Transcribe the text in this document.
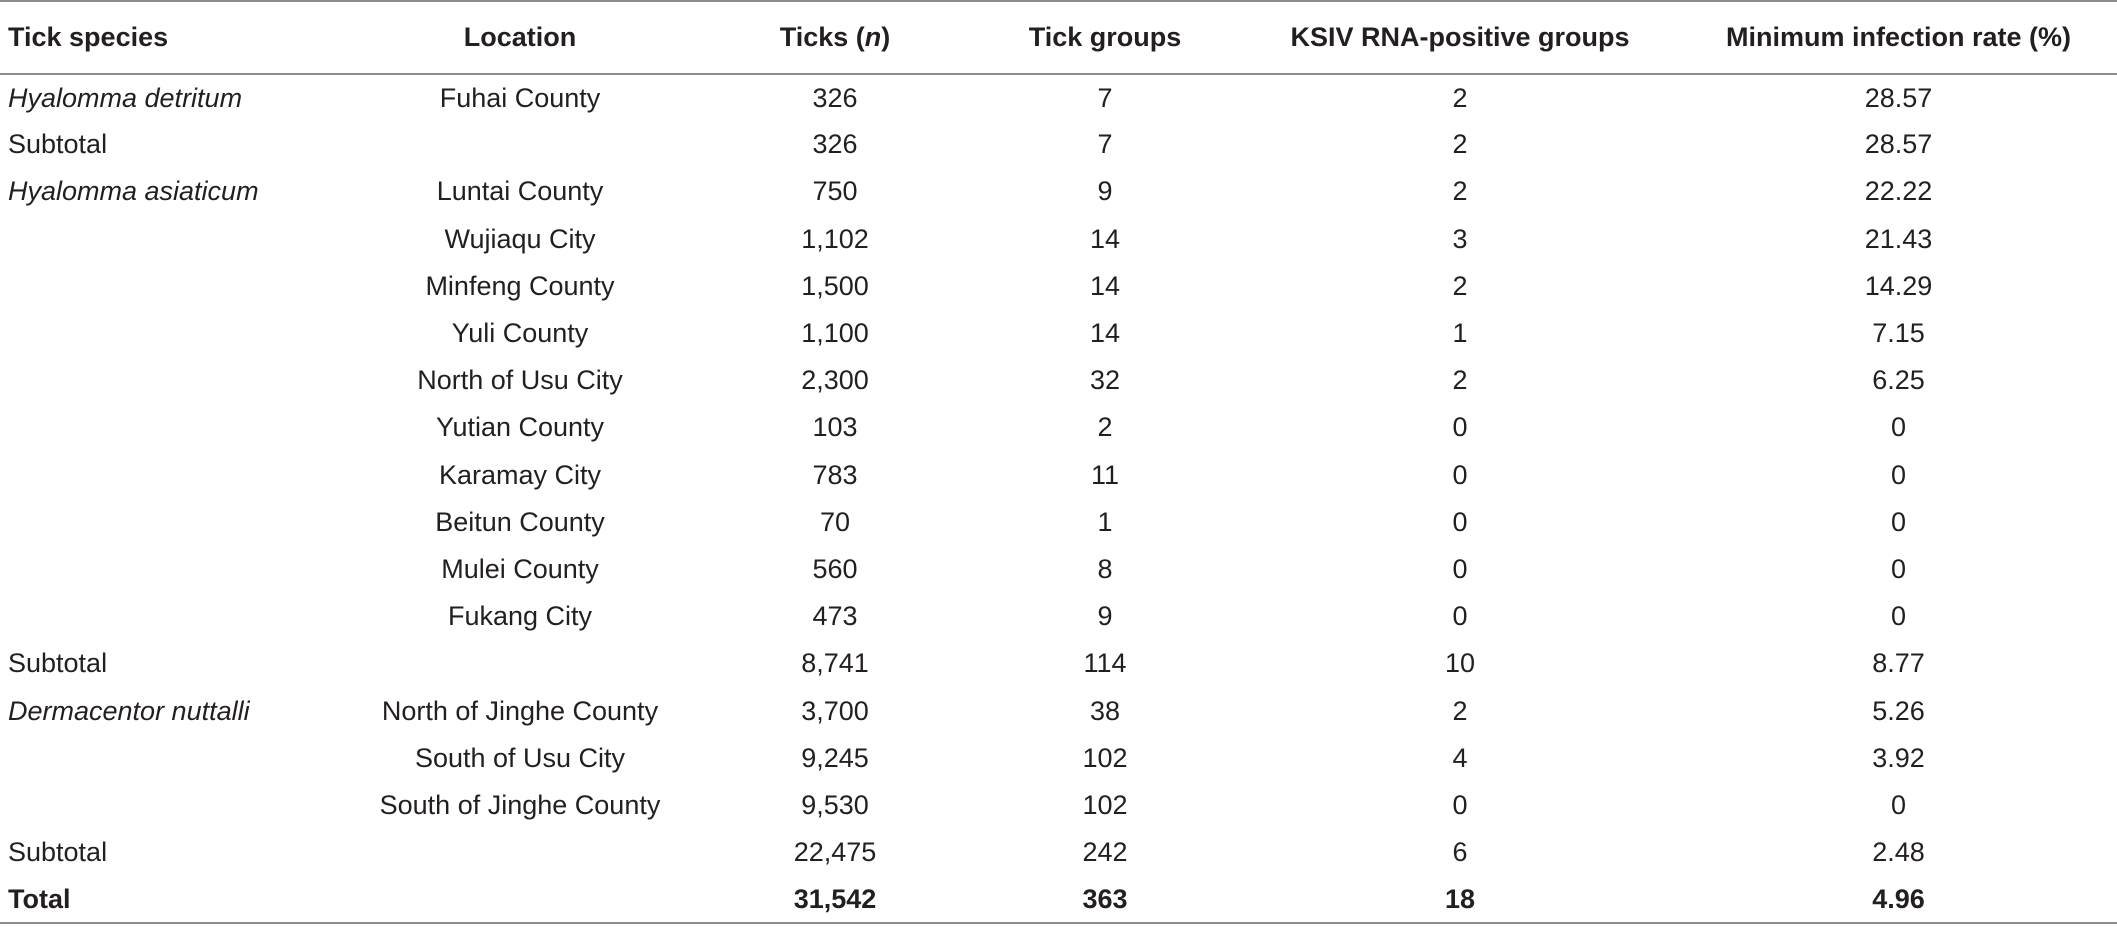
Tick species	Location	Ticks (n)	Tick groups	KSIV RNA-positive groups	Minimum infection rate (%)
Hyalomma detritum	Fuhai County	326	7	2	28.57
Subtotal		326	7	2	28.57
Hyalomma asiaticum	Luntai County	750	9	2	22.22
	Wujiaqu City	1,102	14	3	21.43
	Minfeng County	1,500	14	2	14.29
	Yuli County	1,100	14	1	7.15
	North of Usu City	2,300	32	2	6.25
	Yutian County	103	2	0	0
	Karamay City	783	11	0	0
	Beitun County	70	1	0	0
	Mulei County	560	8	0	0
	Fukang City	473	9	0	0
Subtotal		8,741	114	10	8.77
Dermacentor nuttalli	North of Jinghe County	3,700	38	2	5.26
	South of Usu City	9,245	102	4	3.92
	South of Jinghe County	9,530	102	0	0
Subtotal		22,475	242	6	2.48
Total		31,542	363	18	4.96
